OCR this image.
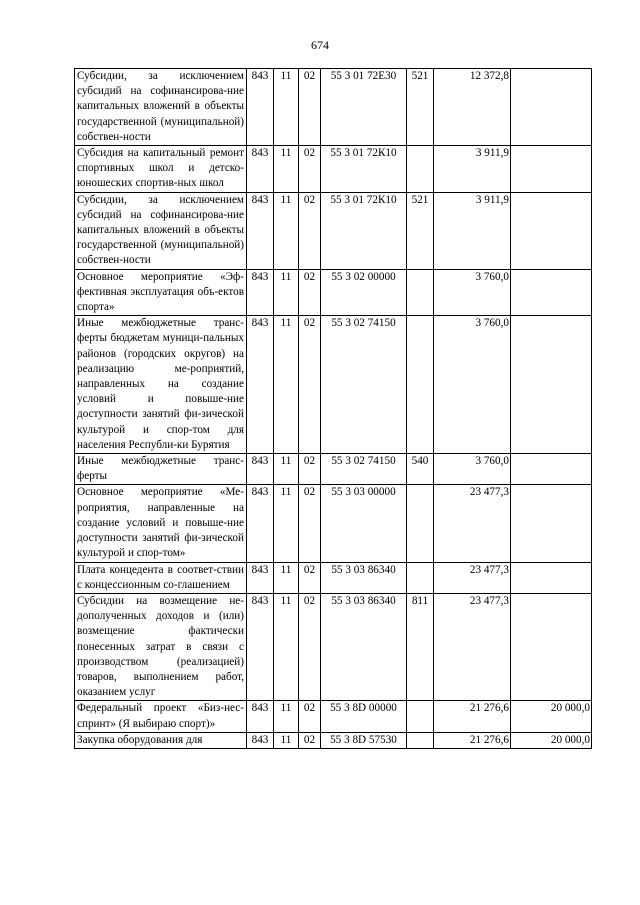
674
Субсидии, за исключением субсидий на софинансирова-ние капитальных вложений в объекты государственной (муниципальной) собствен-ности	843	11	02	55 3 01 72Е30	521	12 372,8	
Субсидия на капитальный ремонт спортивных школ и детско-юношеских спортив-ных школ	843	11	02	55 3 01 72К10		3 911,9	
Субсидии, за исключением субсидий на софинансирова-ние капитальных вложений в объекты государственной (муниципальной) собствен-ности	843	11	02	55 3 01 72К10	521	3 911,9	
Основное мероприятие «Эф-фективная эксплуатация объ-ектов спорта»	843	11	02	55 3 02 00000		3 760,0	
Иные межбюджетные транс-ферты бюджетам муници-пальных районов (городских округов) на реализацию ме-роприятий, направленных на создание условий и повыше-ние доступности занятий фи-зической культурой и спор-том для населения Республи-ки Бурятия	843	11	02	55 3 02 74150		3 760,0	
Иные межбюджетные транс-ферты	843	11	02	55 3 02 74150	540	3 760,0	
Основное мероприятие «Ме-роприятия, направленные на создание условий и повыше-ние доступности занятий фи-зической культурой и спор-том»	843	11	02	55 3 03 00000		23 477,3	
Плата концедента в соответ-ствии с концессионным со-глашением	843	11	02	55 3 03 86340		23 477,3	
Субсидии на возмещение не-дополученных доходов и (или) возмещение фактически понесенных затрат в связи с производством (реализацией) товаров, выполнением работ, оказанием услуг	843	11	02	55 3 03 86340	811	23 477,3	
Федеральный проект «Биз-нес-спринт» (Я выбираю спорт)»	843	11	02	55 3 8D 00000		21 276,6	20 000,0
Закупка оборудования для	843	11	02	55 3 8D 57530		21 276,6	20 000,0
